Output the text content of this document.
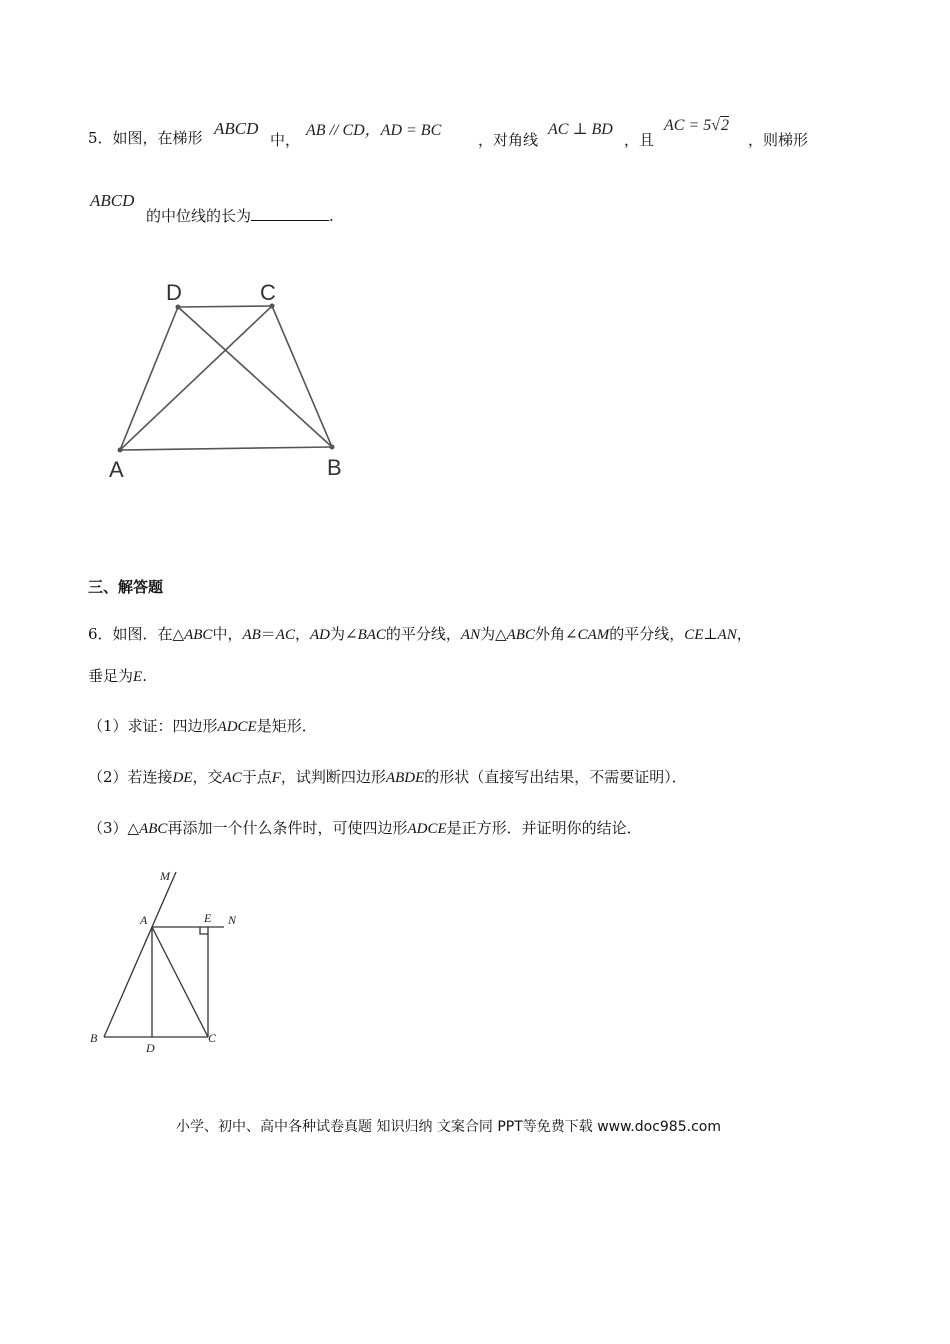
5．如图，在梯形 ABCD
中，
AB // CD，AD = BC
，对角线
AC ⊥ BD
，且
AC = 5√2
，则梯形
ABCD
的中位线的长为	.
D	C
A	B
三、解答题
6．如图．在△ABC中，AB＝AC，AD为∠BAC的平分线，AN为△ABC外角∠CAM的平分线，CE⊥AN，
垂足为E.
（1）求证：四边形ADCE是矩形．
（2）若连接DE，交AC于点F，试判断四边形ABDE的形状（直接写出结果，不需要证明）．
（3）△ABC再添加一个什么条件时，可使四边形ADCE是正方形．并证明你的结论．
M
A	E N
B
D
C
小学、初中、高中各种试卷真题 知识归纳 文案合同 PPT等免费下载 www.doc985.com
